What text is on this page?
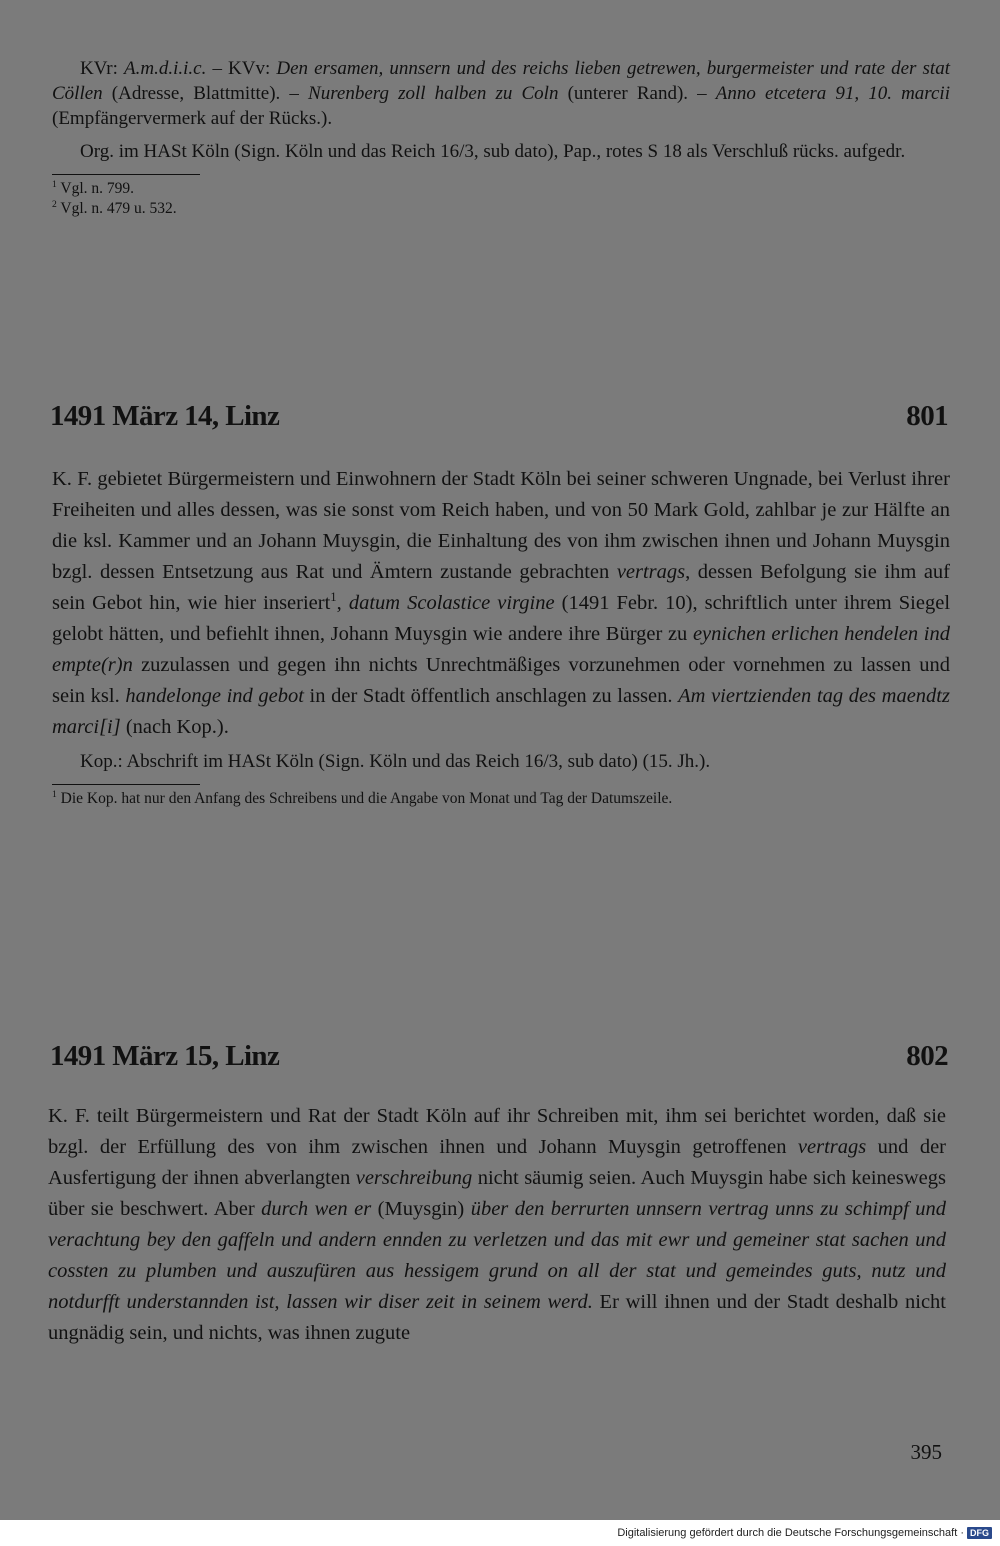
KVr: A.m.d.i.i.c. – KVv: Den ersamen, unnsern und des reichs lieben getrewen, burgermeister und rate der stat Cöllen (Adresse, Blattmitte). – Nurenberg zoll halben zu Coln (unterer Rand). – Anno etcetera 91, 10. marcii (Empfängervermerk auf der Rücks.).

Org. im HASt Köln (Sign. Köln und das Reich 16/3, sub dato), Pap., rotes S 18 als Verschluß rücks. aufgedr.

$^1$ Vgl. n. 799.

$^2$ Vgl. n. 479 u. 532.

1491 März 14, Linz	801

K. F. gebietet Bürgermeistern und Einwohnern der Stadt Köln bei seiner schweren Ungnade, bei Verlust ihrer Freiheiten und alles dessen, was sie sonst vom Reich haben, und von 50 Mark Gold, zahlbar je zur Hälfte an die ksl. Kammer und an Johann Muysgin, die Einhaltung des von ihm zwischen ihnen und Johann Muysgin bzgl. dessen Entsetzung aus Rat und Ämtern zustande gebrachten vertrags, dessen Befolgung sie ihm auf sein Gebot hin, wie hier inseriert$^1$, datum Scolastice virgine (1491 Febr. 10), schriftlich unter ihrem Siegel gelobt hätten, und befiehlt ihnen, Johann Muysgin wie andere ihre Bürger zu eynichen erlichen hendelen ind empte(r)n zuzulassen und gegen ihn nichts Unrechtmäßiges vorzunehmen oder vornehmen zu lassen und sein ksl. handelonge ind gebot in der Stadt öffentlich anschlagen zu lassen. Am viertzienden tag des maendtz marci[i] (nach Kop.).

Kop.: Abschrift im HASt Köln (Sign. Köln und das Reich 16/3, sub dato) (15. Jh.).

$^1$ Die Kop. hat nur den Anfang des Schreibens und die Angabe von Monat und Tag der Datumszeile.

1491 März 15, Linz	802

K. F. teilt Bürgermeistern und Rat der Stadt Köln auf ihr Schreiben mit, ihm sei berichtet worden, daß sie bzgl. der Erfüllung des von ihm zwischen ihnen und Johann Muysgin getroffenen vertrags und der Ausfertigung der ihnen abverlangten verschreibung nicht säumig seien. Auch Muysgin habe sich keineswegs über sie beschwert. Aber durch wen er (Muysgin) über den berrurten unnsern vertrag unns zu schimpf und verachtung bey den gaffeln und andern ennden zu verletzen und das mit ewr und gemeiner stat sachen und cossten zu plumben und auszufüren aus hessigem grund on all der stat und gemeindes guts, nutz und notdurfft understannden ist, lassen wir diser zeit in seinem werd. Er will ihnen und der Stadt deshalb nicht ungnädig sein, und nichts, was ihnen zugute

395
Digitalisierung gefördert durch die Deutsche Forschungsgemeinschaft · DFG
